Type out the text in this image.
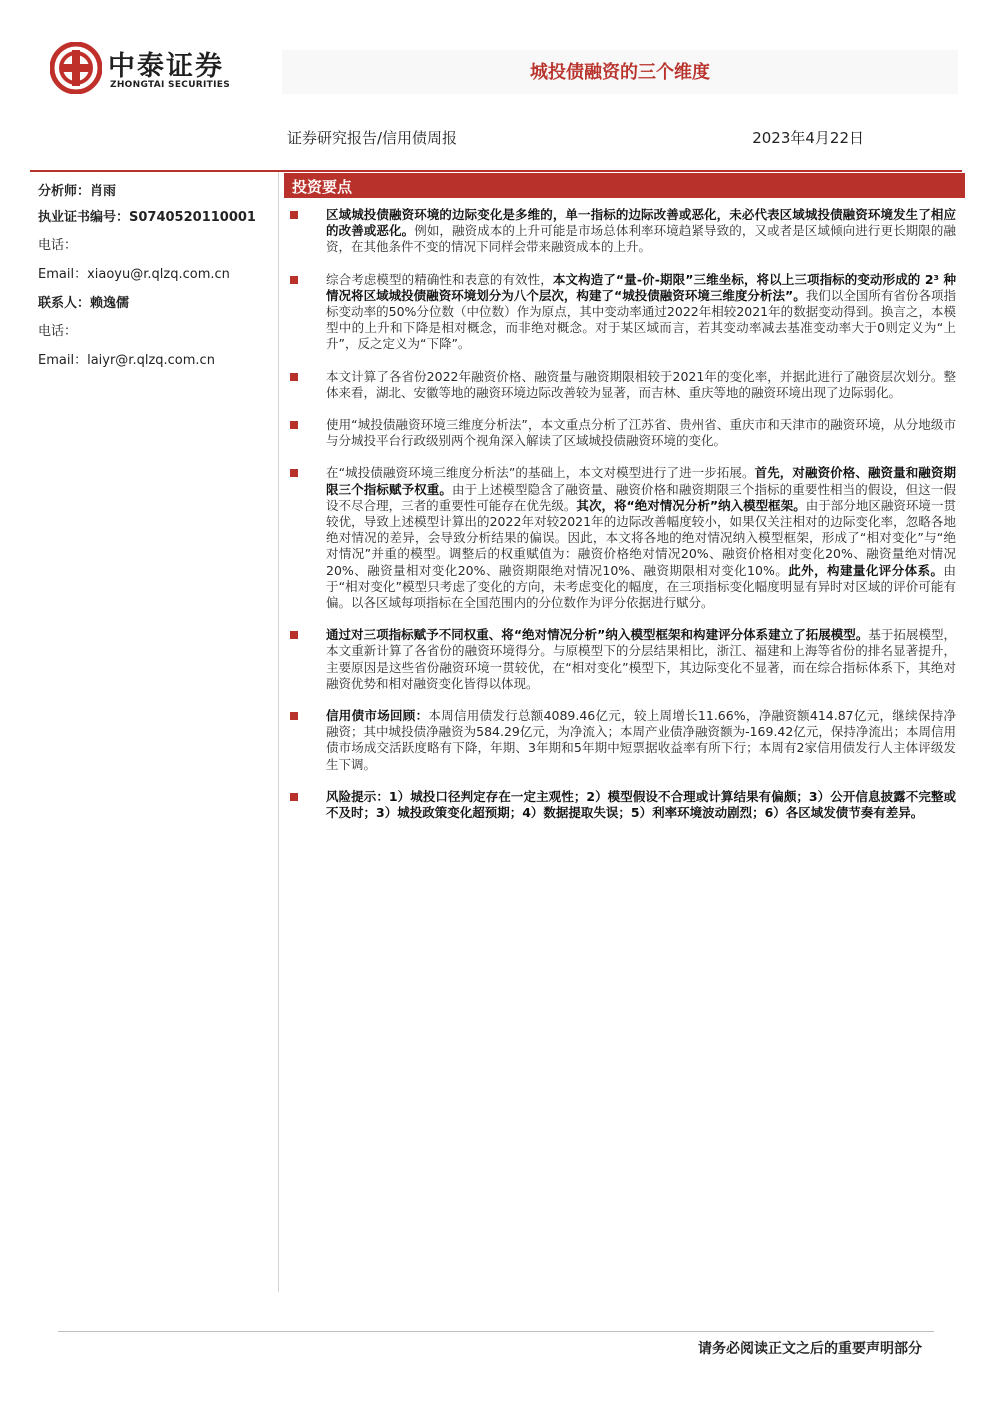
中泰证券
ZHONGTAI SECURITIES
城投债融资的三个维度
证券研究报告/信用债周报	2023年4月22日
分析师：肖雨
执业证书编号：S0740520110001
电话：
Email：xiaoyu@r.qlzq.com.cn
联系人：赖逸儒
电话：
Email：laiyr@r.qlzq.com.cn
投资要点
区域城投债融资环境的边际变化是多维的，单一指标的边际改善或恶化，未必代表区域城投债融资环境发生了相应的改善或恶化。例如，融资成本的上升可能是市场总体利率环境趋紧导致的，又或者是区域倾向进行更长期限的融资，在其他条件不变的情况下同样会带来融资成本的上升。
综合考虑模型的精确性和表意的有效性，本文构造了“量-价-期限”三维坐标，将以上三项指标的变动形成的 2³ 种情况将区域城投债融资环境划分为八个层次，构建了“城投债融资环境三维度分析法”。我们以全国所有省份各项指标变动率的50%分位数（中位数）作为原点，其中变动率通过2022年相较2021年的数据变动得到。换言之，本模型中的上升和下降是相对概念，而非绝对概念。对于某区域而言，若其变动率减去基准变动率大于0则定义为“上升”，反之定义为“下降”。
本文计算了各省份2022年融资价格、融资量与融资期限相较于2021年的变化率，并据此进行了融资层次划分。整体来看，湖北、安徽等地的融资环境边际改善较为显著，而吉林、重庆等地的融资环境出现了边际弱化。
使用“城投债融资环境三维度分析法”，本文重点分析了江苏省、贵州省、重庆市和天津市的融资环境，从分地级市与分城投平台行政级别两个视角深入解读了区域城投债融资环境的变化。
在“城投债融资环境三维度分析法”的基础上，本文对模型进行了进一步拓展。首先，对融资价格、融资量和融资期限三个指标赋予权重。由于上述模型隐含了融资量、融资价格和融资期限三个指标的重要性相当的假设，但这一假设不尽合理，三者的重要性可能存在优先级。其次，将“绝对情况分析”纳入模型框架。由于部分地区融资环境一贯较优，导致上述模型计算出的2022年对较2021年的边际改善幅度较小，如果仅关注相对的边际变化率，忽略各地绝对情况的差异，会导致分析结果的偏误。因此，本文将各地的绝对情况纳入模型框架，形成了“相对变化”与“绝对情况”并重的模型。调整后的权重赋值为：融资价格绝对情况20%、融资价格相对变化20%、融资量绝对情况20%、融资量相对变化20%、融资期限绝对情况10%、融资期限相对变化10%。此外，构建量化评分体系。由于“相对变化”模型只考虑了变化的方向，未考虑变化的幅度，在三项指标变化幅度明显有异时对区域的评价可能有偏。以各区域每项指标在全国范围内的分位数作为评分依据进行赋分。
通过对三项指标赋予不同权重、将“绝对情况分析”纳入模型框架和构建评分体系建立了拓展模型。基于拓展模型，本文重新计算了各省份的融资环境得分。与原模型下的分层结果相比，浙江、福建和上海等省份的排名显著提升，主要原因是这些省份融资环境一贯较优，在“相对变化”模型下，其边际变化不显著，而在综合指标体系下，其绝对融资优势和相对融资变化皆得以体现。
信用债市场回顾：本周信用债发行总额4089.46亿元，较上周增长11.66%，净融资额414.87亿元，继续保持净融资；其中城投债净融资为584.29亿元，为净流入；本周产业债净融资额为-169.42亿元，保持净流出；本周信用债市场成交活跃度略有下降，年期、3年期和5年期中短票据收益率有所下行；本周有2家信用债发行人主体评级发生下调。
风险提示：1）城投口径判定存在一定主观性；2）模型假设不合理或计算结果有偏颇；3）公开信息披露不完整或不及时；3）城投政策变化超预期；4）数据提取失误；5）利率环境波动剧烈；6）各区域发债节奏有差异。
请务必阅读正文之后的重要声明部分
